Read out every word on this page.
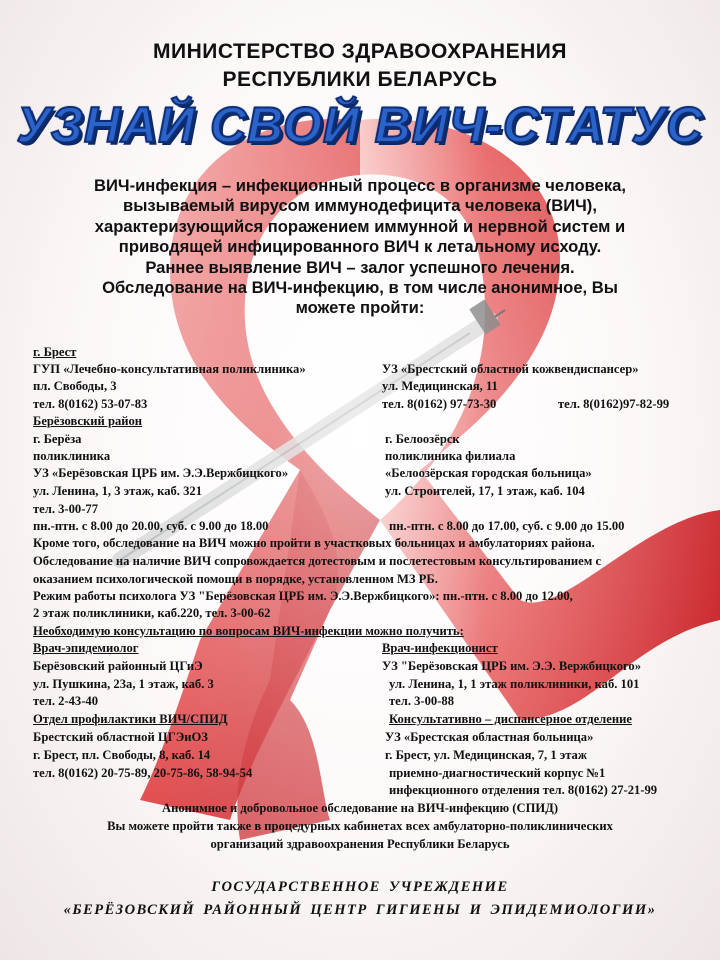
МИНИСТЕРСТВО ЗДРАВООХРАНЕНИЯ
РЕСПУБЛИКИ БЕЛАРУСЬ
УЗНАЙ СВОЙ ВИЧ-СТАТУС
ВИЧ-инфекция – инфекционный процесс в организме человека,
вызываемый вирусом иммунодефицита человека (ВИЧ),
характеризующийся поражением иммунной и нервной систем и
приводящей инфицированного ВИЧ к летальному исходу.
Раннее выявление ВИЧ – залог успешного лечения.
Обследование на ВИЧ-инфекцию, в том числе анонимное, Вы
можете пройти:
г. Брест
ГУП «Лечебно-консультативная поликлиника»
пл. Свободы, 3
тел. 8(0162) 53-07-83
УЗ «Брестский областной кожвендиспансер»
ул. Медицинская, 11
тел. 8(0162) 97-73-30	тел. 8(0162)97-82-99
Берёзовский район
г. Берёза
поликлиника
УЗ «Берёзовская ЦРБ им. Э.Э.Вержбицкого»
ул. Ленина, 1, 3 этаж, каб. 321
тел. 3-00-77
пн.-птн. с 8.00 до 20.00, суб. с 9.00 до 18.00
г. Белоозёрск
поликлиника филиала
«Белоозёрская городская больница»
ул. Строителей, 17, 1 этаж, каб. 104
пн.-птн. с 8.00 до 17.00, суб. с 9.00 до 15.00
Кроме того, обследование на ВИЧ можно пройти в участковых больницах и амбулаториях района.
Обследование на наличие ВИЧ сопровождается дотестовым и послетестовым консультированием с
оказанием психологической помощи в порядке, установленном МЗ РБ.
Режим работы психолога УЗ "Берёзовская ЦРБ им. Э.Э.Вержбицкого»: пн.-птн. с 8.00 до 12.00,
2 этаж поликлиники, каб.220, тел. 3-00-62
Необходимую консультацию по вопросам ВИЧ-инфекции можно получить:
Врач-эпидемиолог
Берёзовский районный ЦГиЭ
ул. Пушкина, 23а, 1 этаж, каб. 3
тел. 2-43-40
Врач-инфекционист
УЗ "Берёзовская ЦРБ им. Э.Э. Вержбицкого»
ул. Ленина, 1, 1 этаж поликлиники, каб. 101
тел. 3-00-88
Отдел профилактики ВИЧ/СПИД
Брестский областной ЦГЭиОЗ
г. Брест, пл. Свободы, 8, каб. 14
тел. 8(0162) 20-75-89, 20-75-86, 58-94-54
Консультативно – диспансерное отделение
УЗ «Брестская областная больница»
г. Брест, ул. Медицинская, 7, 1 этаж
приемно-диагностический корпус №1
инфекционного отделения тел. 8(0162) 27-21-99
Анонимное и добровольное обследование на ВИЧ-инфекцию (СПИД)
Вы можете пройти также в процедурных кабинетах всех амбулаторно-поликлинических
организаций здравоохранения Республики Беларусь
ГОСУДАРСТВЕННОЕ УЧРЕЖДЕНИЕ
«БЕРЁЗОВСКИЙ РАЙОННЫЙ ЦЕНТР ГИГИЕНЫ И ЭПИДЕМИОЛОГИИ»
